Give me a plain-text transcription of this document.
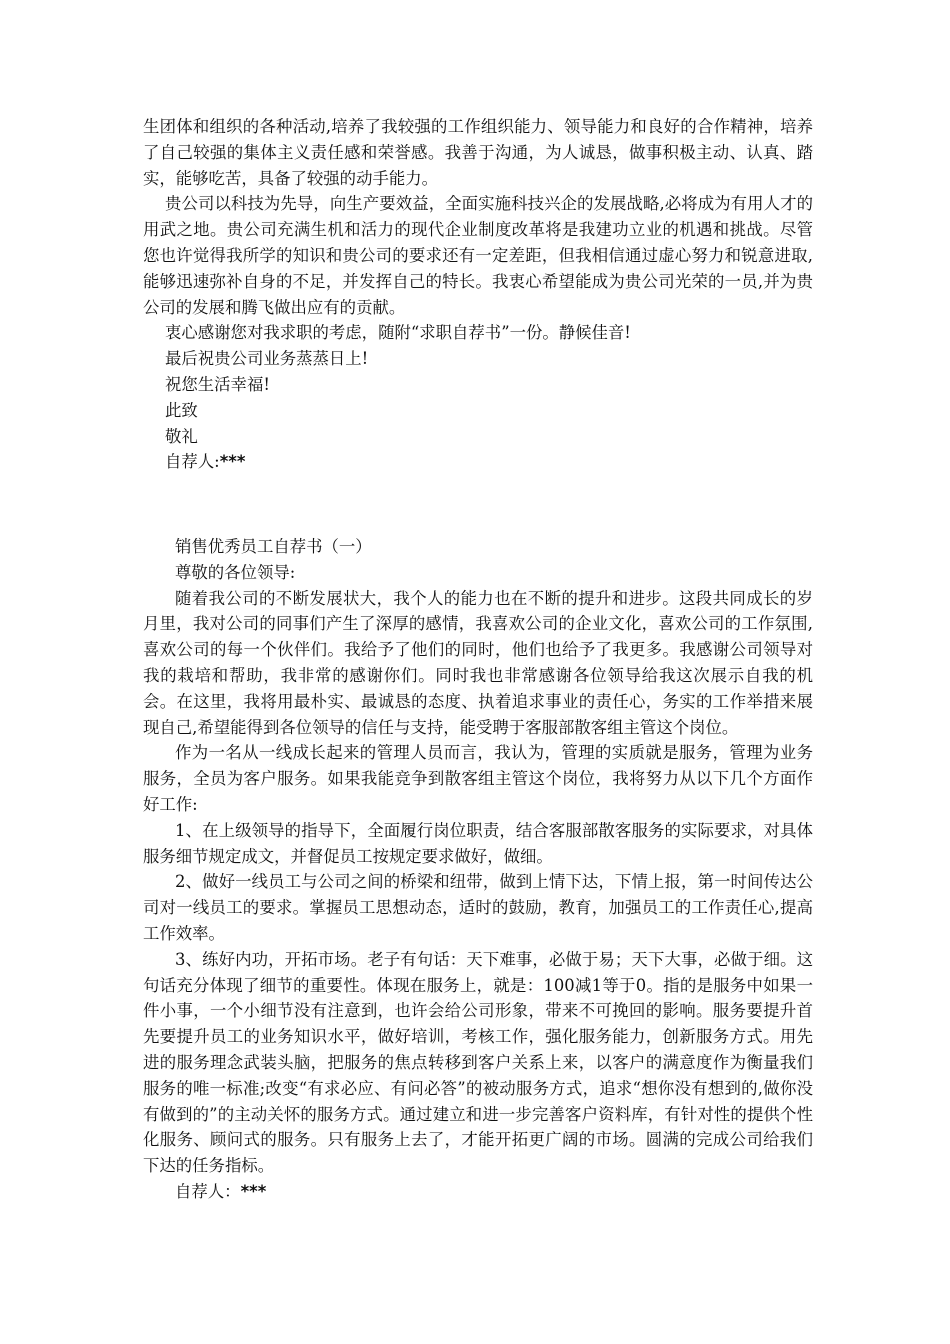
生团体和组织的各种活动,培养了我较强的工作组织能力、领导能力和良好的合作精神，培养了自己较强的集体主义责任感和荣誉感。我善于沟通，为人诚恳，做事积极主动、认真、踏实，能够吃苦，具备了较强的动手能力。

贵公司以科技为先导，向生产要效益，全面实施科技兴企的发展战略,必将成为有用人才的用武之地。贵公司充满生机和活力的现代企业制度改革将是我建功立业的机遇和挑战。尽管您也许觉得我所学的知识和贵公司的要求还有一定差距，但我相信通过虚心努力和锐意进取,能够迅速弥补自身的不足，并发挥自己的特长。我衷心希望能成为贵公司光荣的一员,并为贵公司的发展和腾飞做出应有的贡献。

衷心感谢您对我求职的考虑，随附“求职自荐书”一份。静候佳音!

最后祝贵公司业务蒸蒸日上!

祝您生活幸福!

此致

敬礼

自荐人:***

销售优秀员工自荐书（一）

尊敬的各位领导:

随着我公司的不断发展状大，我个人的能力也在不断的提升和进步。这段共同成长的岁月里，我对公司的同事们产生了深厚的感情，我喜欢公司的企业文化，喜欢公司的工作氛围,喜欢公司的每一个伙伴们。我给予了他们的同时，他们也给予了我更多。我感谢公司领导对我的栽培和帮助，我非常的感谢你们。同时我也非常感谢各位领导给我这次展示自我的机会。在这里，我将用最朴实、最诚恳的态度、执着追求事业的责任心，务实的工作举措来展现自己,希望能得到各位领导的信任与支持，能受聘于客服部散客组主管这个岗位。

作为一名从一线成长起来的管理人员而言，我认为，管理的实质就是服务，管理为业务服务，全员为客户服务。如果我能竞争到散客组主管这个岗位，我将努力从以下几个方面作好工作:

1、在上级领导的指导下，全面履行岗位职责，结合客服部散客服务的实际要求，对具体服务细节规定成文，并督促员工按规定要求做好，做细。

2、做好一线员工与公司之间的桥梁和纽带，做到上情下达，下情上报，第一时间传达公司对一线员工的要求。掌握员工思想动态，适时的鼓励，教育，加强员工的工作责任心,提高工作效率。

3、练好内功，开拓市场。老子有句话：天下难事，必做于易；天下大事，必做于细。这句话充分体现了细节的重要性。体现在服务上，就是：100减1等于0。指的是服务中如果一件小事，一个小细节没有注意到，也许会给公司形象，带来不可挽回的影响。服务要提升首先要提升员工的业务知识水平，做好培训，考核工作，强化服务能力，创新服务方式。用先进的服务理念武装头脑，把服务的焦点转移到客户关系上来，以客户的满意度作为衡量我们服务的唯一标准;改变“有求必应、有问必答”的被动服务方式，追求“想你没有想到的,做你没有做到的”的主动关怀的服务方式。通过建立和进一步完善客户资料库，有针对性的提供个性化服务、顾问式的服务。只有服务上去了，才能开拓更广阔的市场。圆满的完成公司给我们下达的任务指标。

自荐人：***
